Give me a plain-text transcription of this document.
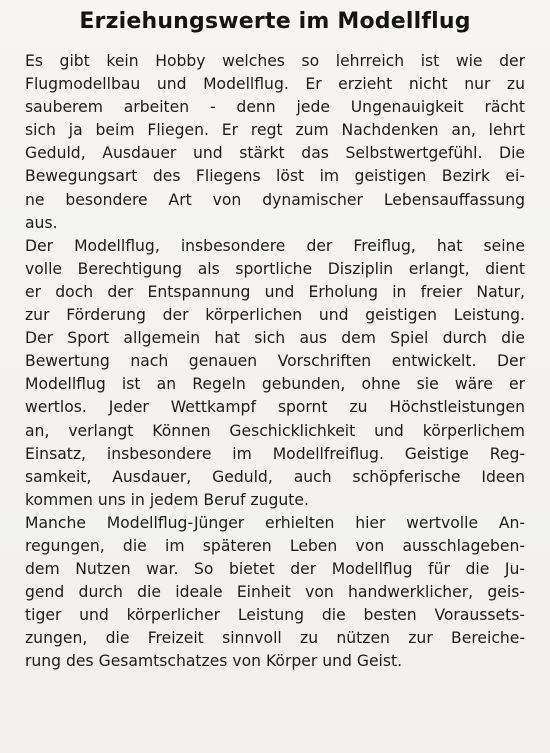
Erziehungswerte im Modellflug

Es gibt kein Hobby welches so lehrreich ist wie der
Flugmodellbau und Modellflug. Er erzieht nicht nur zu
sauberem arbeiten - denn jede Ungenauigkeit rächt
sich ja beim Fliegen. Er regt zum Nachdenken an, lehrt
Geduld, Ausdauer und stärkt das Selbstwertgefühl. Die
Bewegungsart des Fliegens löst im geistigen Bezirk ei-
ne besondere Art von dynamischer Lebensauffassung
aus.

Der Modellflug, insbesondere der Freiflug, hat seine
volle Berechtigung als sportliche Disziplin erlangt, dient
er doch der Entspannung und Erholung in freier Natur,
zur Förderung der körperlichen und geistigen Leistung.
Der Sport allgemein hat sich aus dem Spiel durch die
Bewertung nach genauen Vorschriften entwickelt. Der
Modellflug ist an Regeln gebunden, ohne sie wäre er
wertlos. Jeder Wettkampf spornt zu Höchstleistungen
an, verlangt Können Geschicklichkeit und körperlichem
Einsatz, insbesondere im Modellfreiflug. Geistige Reg-
samkeit, Ausdauer, Geduld, auch schöpferische Ideen
kommen uns in jedem Beruf zugute.

Manche Modellflug-Jünger erhielten hier wertvolle An-
regungen, die im späteren Leben von ausschlageben-
dem Nutzen war. So bietet der Modellflug für die Ju-
gend durch die ideale Einheit von handwerklicher, geis-
tiger und körperlicher Leistung die besten Voraussets-
zungen, die Freizeit sinnvoll zu nützen zur Bereiche-
rung des Gesamtschatzes von Körper und Geist.
